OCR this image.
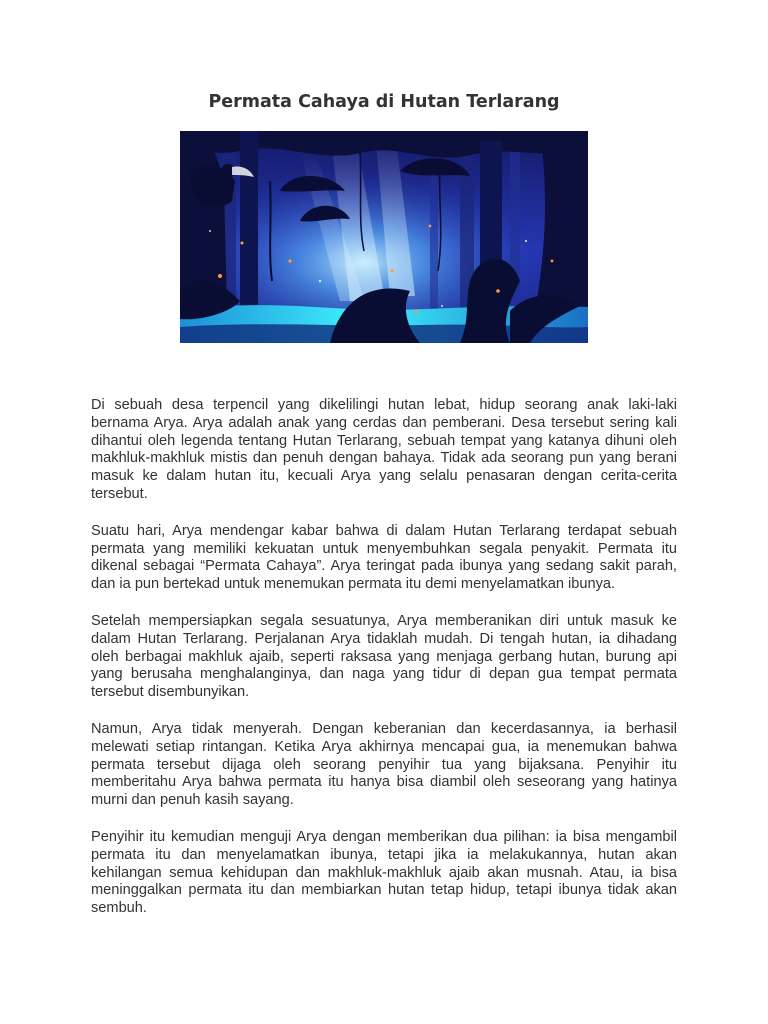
Permata Cahaya di Hutan Terlarang

Di sebuah desa terpencil yang dikelilingi hutan lebat, hidup seorang anak laki-laki bernama Arya. Arya adalah anak yang cerdas dan pemberani. Desa tersebut sering kali dihantui oleh legenda tentang Hutan Terlarang, sebuah tempat yang katanya dihuni oleh makhluk-makhluk mistis dan penuh dengan bahaya. Tidak ada seorang pun yang berani masuk ke dalam hutan itu, kecuali Arya yang selalu penasaran dengan cerita-cerita tersebut.

Suatu hari, Arya mendengar kabar bahwa di dalam Hutan Terlarang terdapat sebuah permata yang memiliki kekuatan untuk menyembuhkan segala penyakit. Permata itu dikenal sebagai “Permata Cahaya”. Arya teringat pada ibunya yang sedang sakit parah, dan ia pun bertekad untuk menemukan permata itu demi menyelamatkan ibunya.

Setelah mempersiapkan segala sesuatunya, Arya memberanikan diri untuk masuk ke dalam Hutan Terlarang. Perjalanan Arya tidaklah mudah. Di tengah hutan, ia dihadang oleh berbagai makhluk ajaib, seperti raksasa yang menjaga gerbang hutan, burung api yang berusaha menghalanginya, dan naga yang tidur di depan gua tempat permata tersebut disembunyikan.

Namun, Arya tidak menyerah. Dengan keberanian dan kecerdasannya, ia berhasil melewati setiap rintangan. Ketika Arya akhirnya mencapai gua, ia menemukan bahwa permata tersebut dijaga oleh seorang penyihir tua yang bijaksana. Penyihir itu memberitahu Arya bahwa permata itu hanya bisa diambil oleh seseorang yang hatinya murni dan penuh kasih sayang.

Penyihir itu kemudian menguji Arya dengan memberikan dua pilihan: ia bisa mengambil permata itu dan menyelamatkan ibunya, tetapi jika ia melakukannya, hutan akan kehilangan semua kehidupan dan makhluk-makhluk ajaib akan musnah. Atau, ia bisa meninggalkan permata itu dan membiarkan hutan tetap hidup, tetapi ibunya tidak akan sembuh.
